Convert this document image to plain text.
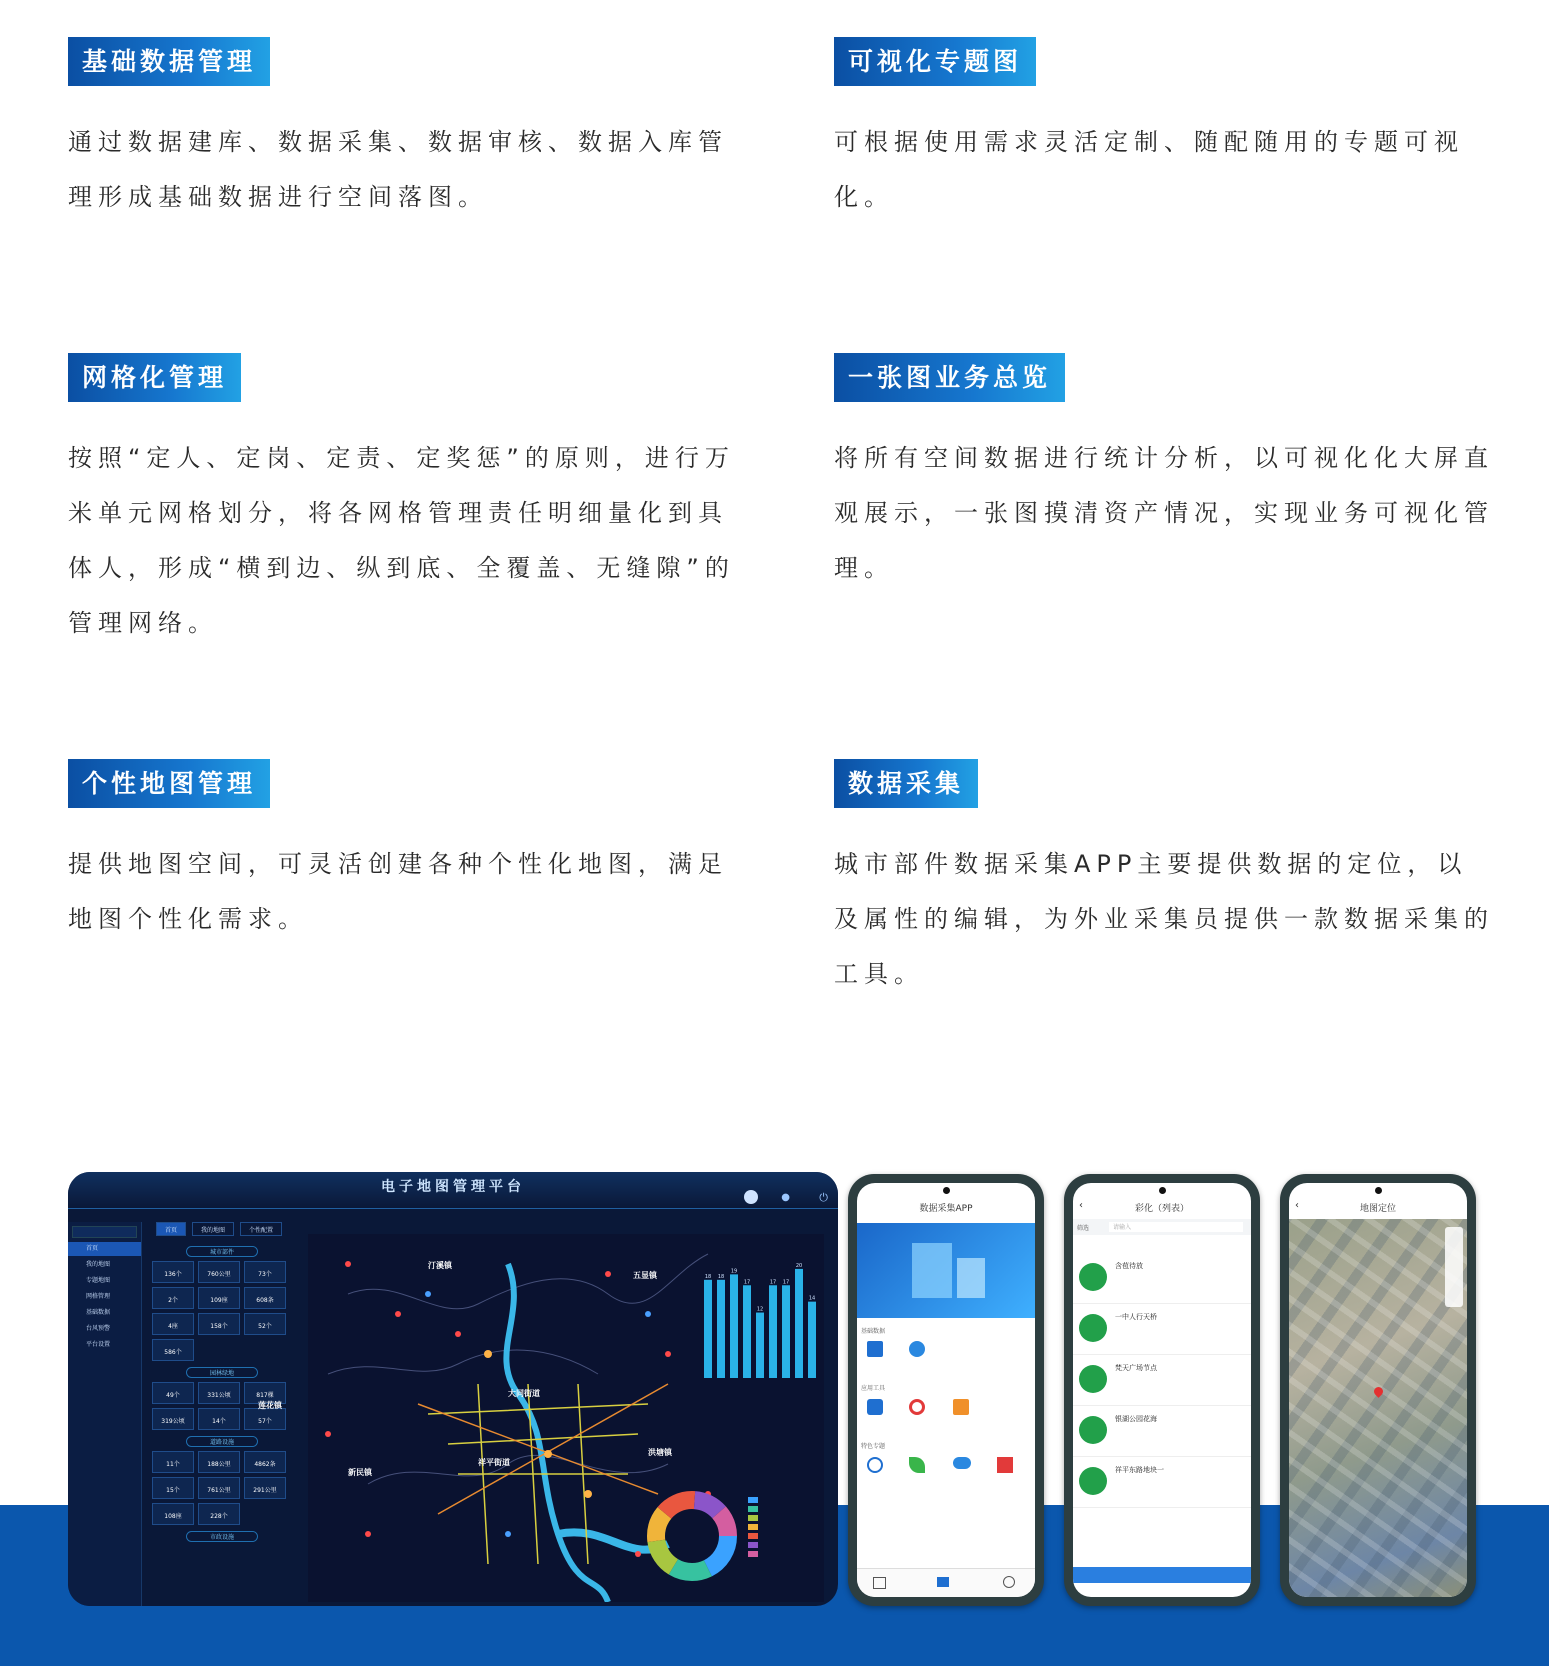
基础数据管理
通过数据建库、数据采集、数据审核、数据入库管理形成基础数据进行空间落图。
可视化专题图
可根据使用需求灵活定制、随配随用的专题可视化。
网格化管理
按照“定人、定岗、定责、定奖惩”的原则，进行万米单元网格划分，将各网格管理责任明细量化到具体人，形成“横到边、纵到底、全覆盖、无缝隙”的管理网络。
一张图业务总览
将所有空间数据进行统计分析，以可视化化大屏直观展示，一张图摸清资产情况，实现业务可视化管理。
个性地图管理
提供地图空间，可灵活创建各种个性化地图，满足地图个性化需求。
数据采集
城市部件数据采集APP主要提供数据的定位，以及属性的编辑，为外业采集员提供一款数据采集的工具。
电子地图管理平台
●	⏻
首页
我的地图
专题地图
网格管理
基础数据
台风预警
平台设置
首页	我的地图	个性配置
城市部件
136个	760公里	73个
2个	109座	608条
4座	158个	52个
586个
园林绿地
49个	331公顷	817棵
319公顷	14个	57个
道路设施
11个	188公里	4862条
15个	761公里	291公里
108座	228个
市政设施
汀溪镇
五显镇
大同街道
洪塘镇
新民镇
祥平街道
莲花镇
18 18
19
17
12
17 17
20
14
数据采集APP
基础数据
应用工具
特色专题
‹	彩化（列表）
筛选	请输入
含苞待放
一中人行天桥
梵天广场节点
银湖公园花海
祥平东路地块一
‹	地图定位
